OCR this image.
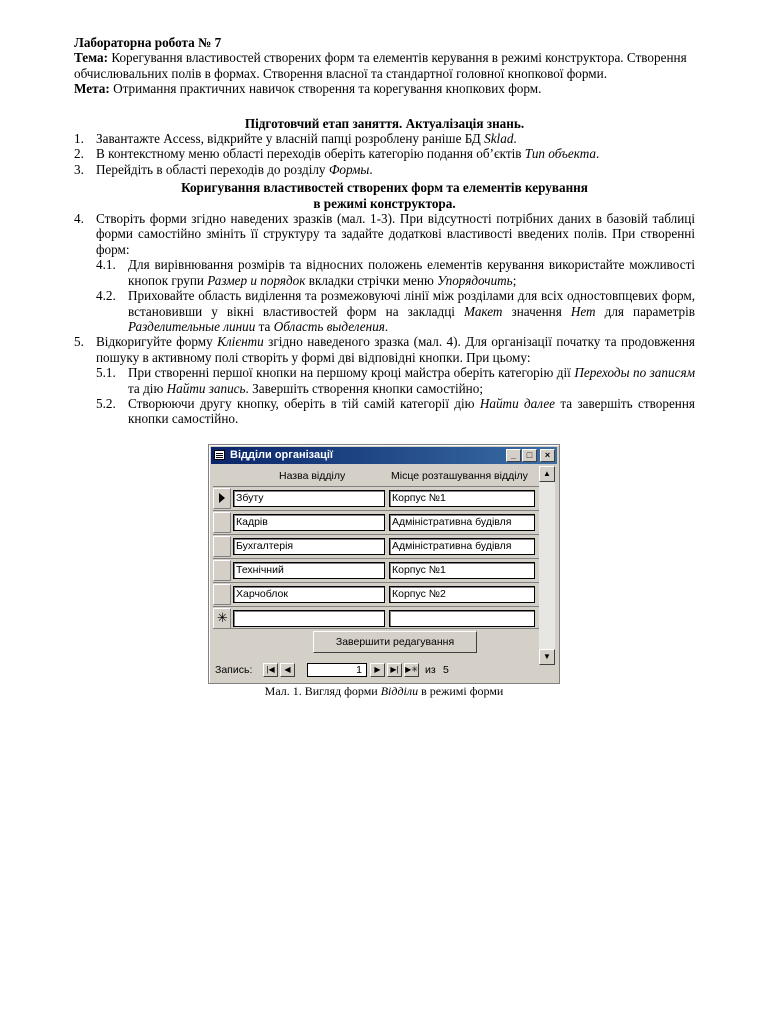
Лабораторна робота № 7

Тема: Корегування властивостей створених форм та елементів керування в режимі конструктора. Створення обчислювальних полів в формах. Створення власної та стандартної головної кнопкової форми.

Мета: Отримання практичних навичок створення та корегування кнопкових форм.

Підготовчий етап заняття. Актуалізація знань.

1. Завантажте Access, відкрийте у власній папці розроблену раніше БД Sklad.
2. В контекстному меню області переходів оберіть категорію подання об’єктів Тип объекта.
3. Перейдіть в області переходів до розділу Формы.

Коригування властивостей створених форм та елементів керування
в режимі конструктора.

4. Створіть форми згідно наведених зразків (мал. 1-3). При відсутності потрібних даних в базовій таблиці форми самостійно змініть її структуру та задайте додаткові властивості введених полів. При створенні форм:
4.1. Для вирівнювання розмірів та відносних положень елементів керування використайте можливості кнопок групи Размер и порядок вкладки стрічки меню Упорядочить;
4.2. Приховайте область виділення та розмежовуючі лінії між розділами для всіх одностовпцевих форм, встановивши у вікні властивостей форм на закладці Макет значення Нет для параметрів Разделительные линии та Область выделения.
5. Відкоригуйте форму Клієнти згідно наведеного зразка (мал. 4). Для організації початку та продовження пошуку в активному полі створіть у формі дві відповідні кнопки. При цьому:
5.1. При створенні першої кнопки на першому кроці майстра оберіть категорію дії Переходы по записям та дію Найти запись. Завершіть створення кнопки самостійно;
5.2. Створюючи другу кнопку, оберіть в тій самій категорії дію Найти далее та завершіть створення кнопки самостійно.
Відділи організації	_	□	×
Назва відділу	Місце розташування відділу
Збуту	Корпус №1
Кадрів	Адміністративна будівля
Бухгалтерія	Адміністративна будівля
Технічний	Корпус №1
Харчоблок	Корпус №2
✳
Завершити редагування
▲
▼
Запись:	|◀	◀	1	▶	▶| ▶✳ из 5
Мал. 1. Вигляд форми Відділи в режимі форми
